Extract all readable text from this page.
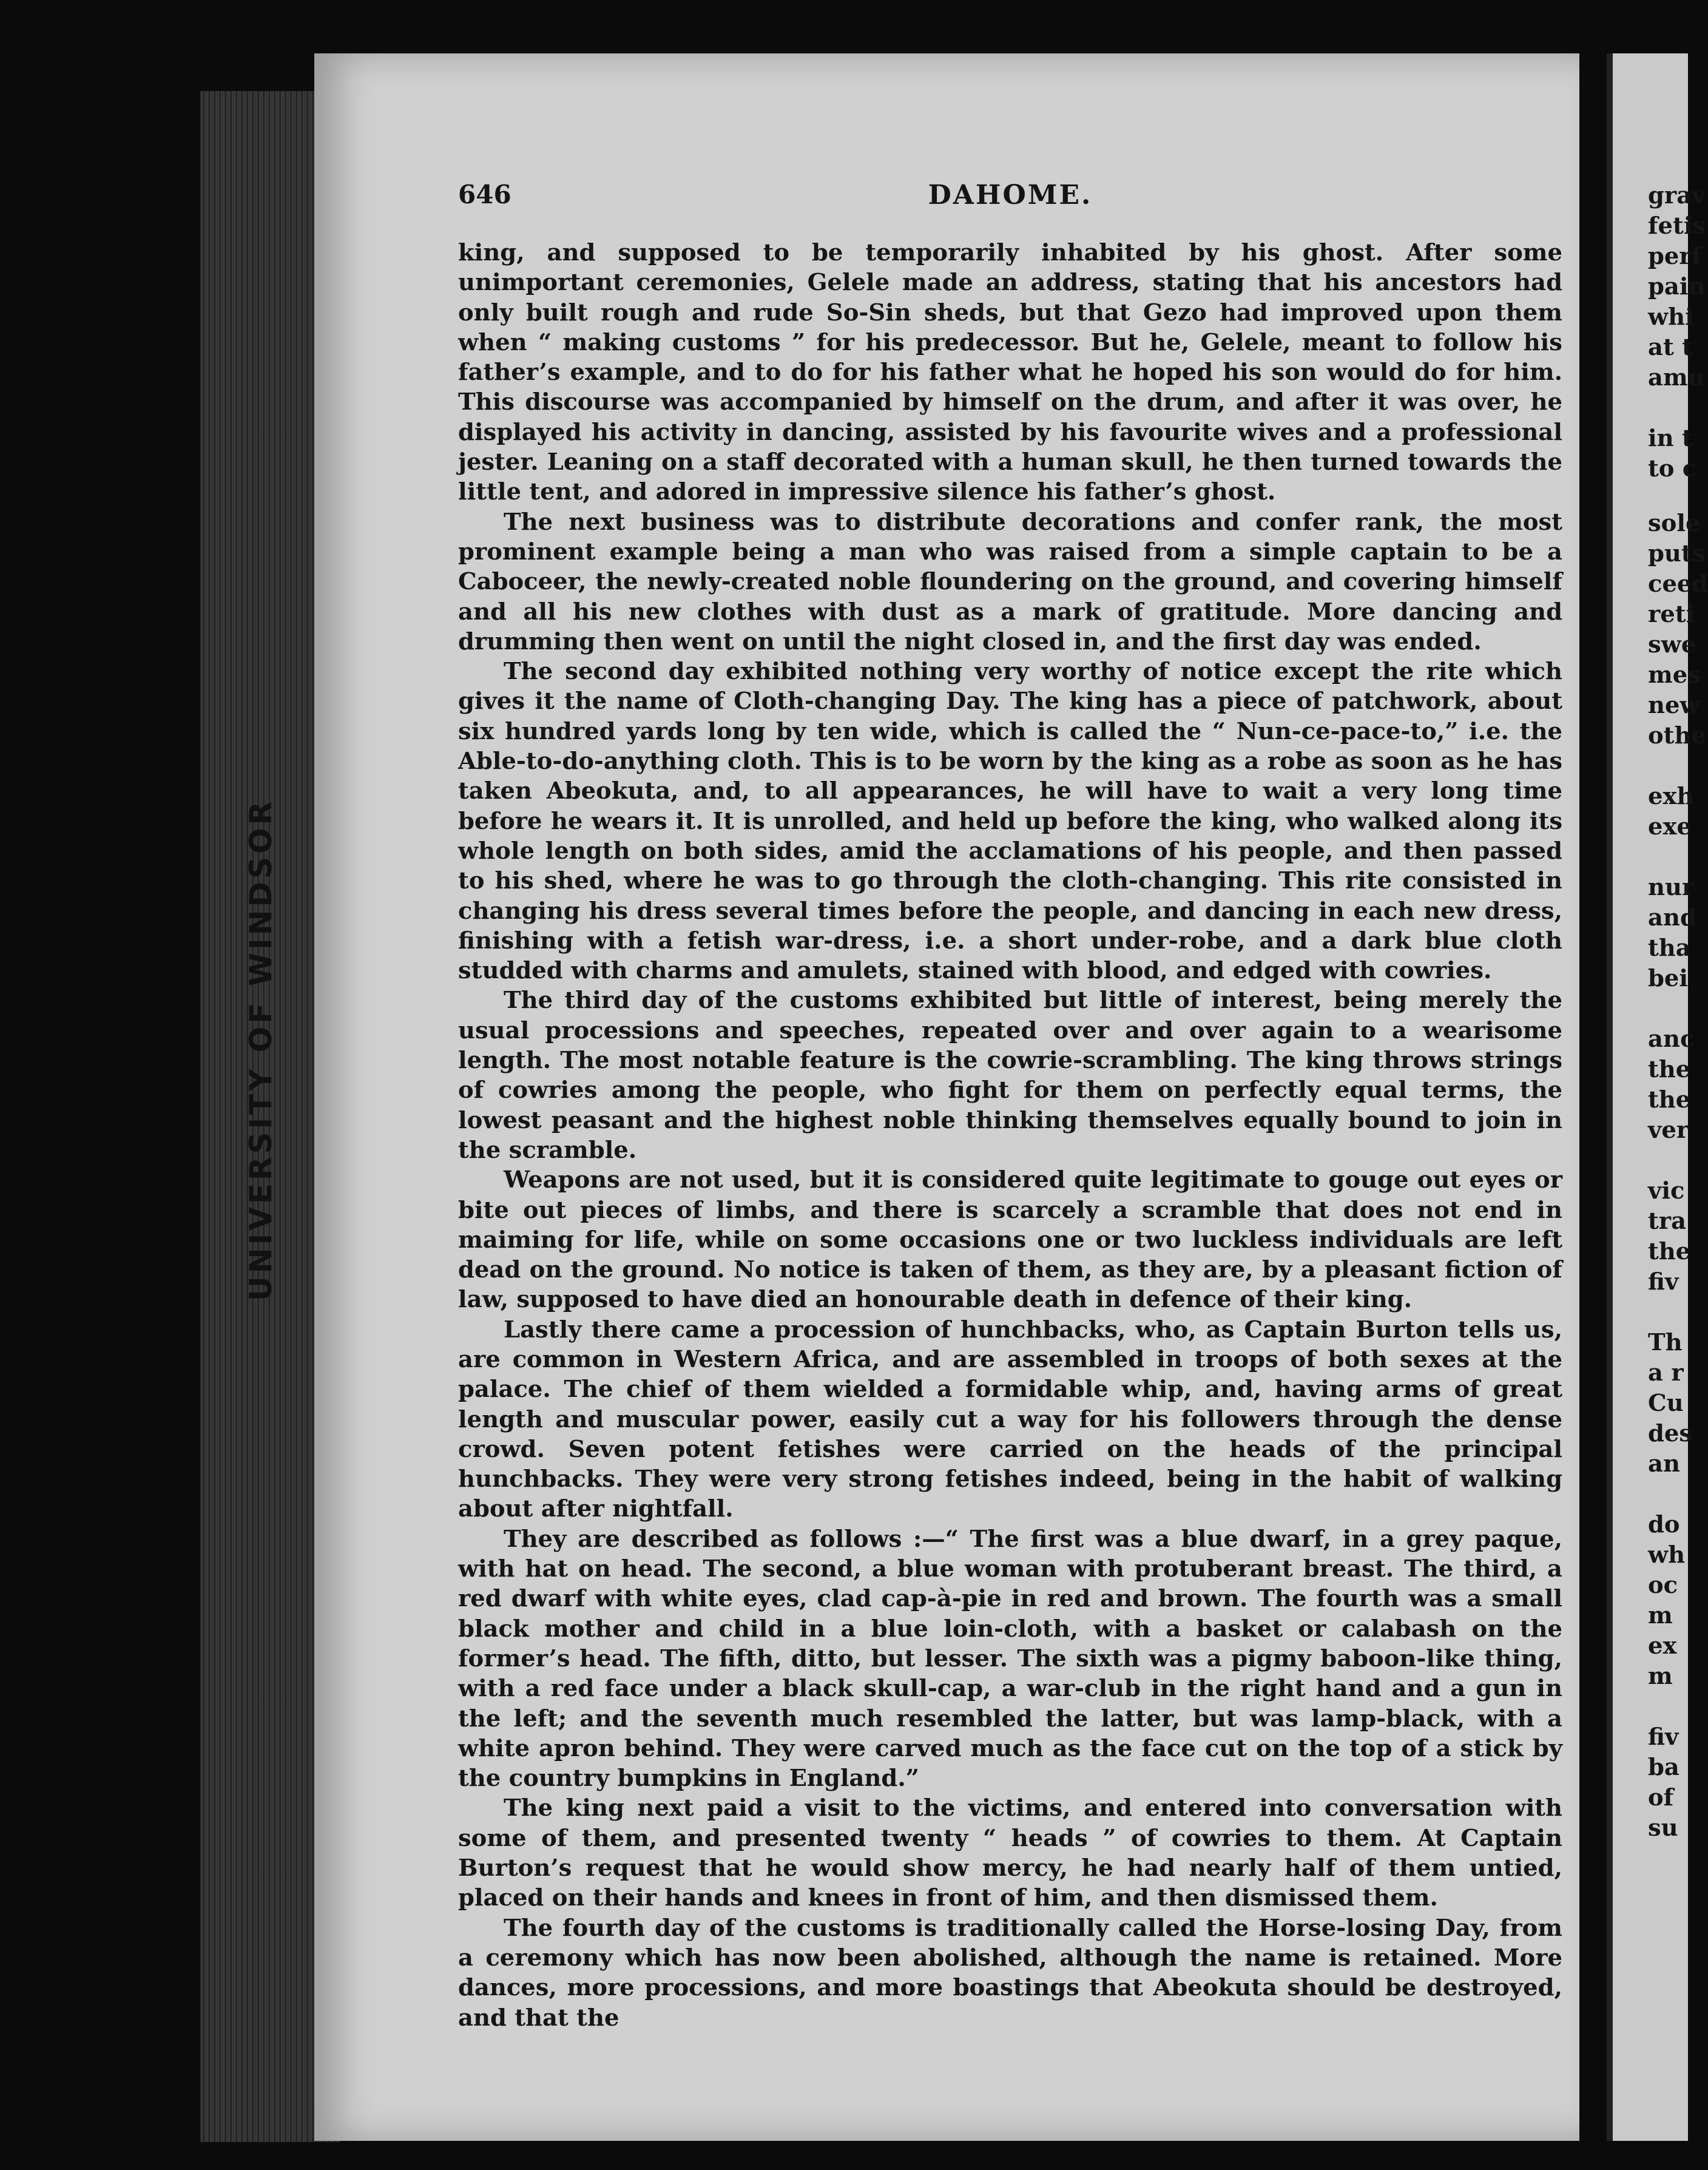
UNIVERSITY OF WINDSOR
646	DAHOME.

king, and supposed to be temporarily inhabited by his ghost. After some unimportant ceremonies, Gelele made an address, stating that his ancestors had only built rough and rude So-Sin sheds, but that Gezo had improved upon them when “ making customs ” for his predecessor. But he, Gelele, meant to follow his father’s example, and to do for his father what he hoped his son would do for him. This discourse was accompanied by himself on the drum, and after it was over, he displayed his activity in dancing, assisted by his favourite wives and a professional jester. Leaning on a staff decorated with a human skull, he then turned towards the little tent, and adored in impressive silence his father’s ghost.

The next business was to distribute decorations and confer rank, the most prominent example being a man who was raised from a simple captain to be a Caboceer, the newly-created noble floundering on the ground, and covering himself and all his new clothes with dust as a mark of gratitude. More dancing and drumming then went on until the night closed in, and the first day was ended.

The second day exhibited nothing very worthy of notice except the rite which gives it the name of Cloth-changing Day. The king has a piece of patchwork, about six hundred yards long by ten wide, which is called the “ Nun-ce-pace-to,” i.e. the Able-to-do-anything cloth. This is to be worn by the king as a robe as soon as he has taken Abeokuta, and, to all appearances, he will have to wait a very long time before he wears it. It is unrolled, and held up before the king, who walked along its whole length on both sides, amid the acclamations of his people, and then passed to his shed, where he was to go through the cloth-changing. This rite consisted in changing his dress several times before the people, and dancing in each new dress, finishing with a fetish war-dress, i.e. a short under-robe, and a dark blue cloth studded with charms and amulets, stained with blood, and edged with cowries.

The third day of the customs exhibited but little of interest, being merely the usual processions and speeches, repeated over and over again to a wearisome length. The most notable feature is the cowrie-scrambling. The king throws strings of cowries among the people, who fight for them on perfectly equal terms, the lowest peasant and the highest noble thinking themselves equally bound to join in the scramble.

Weapons are not used, but it is considered quite legitimate to gouge out eyes or bite out pieces of limbs, and there is scarcely a scramble that does not end in maiming for life, while on some occasions one or two luckless individuals are left dead on the ground. No notice is taken of them, as they are, by a pleasant fiction of law, supposed to have died an honourable death in defence of their king.

Lastly there came a procession of hunchbacks, who, as Captain Burton tells us, are common in Western Africa, and are assembled in troops of both sexes at the palace. The chief of them wielded a formidable whip, and, having arms of great length and muscular power, easily cut a way for his followers through the dense crowd. Seven potent fetishes were carried on the heads of the principal hunchbacks. They were very strong fetishes indeed, being in the habit of walking about after nightfall.

They are described as follows :—“ The first was a blue dwarf, in a grey paque, with hat on head. The second, a blue woman with protuberant breast. The third, a red dwarf with white eyes, clad cap-à-pie in red and brown. The fourth was a small black mother and child in a blue loin-cloth, with a basket or calabash on the former’s head. The fifth, ditto, but lesser. The sixth was a pigmy baboon-like thing, with a red face under a black skull-cap, a war-club in the right hand and a gun in the left; and the seventh much resembled the latter, but was lamp-black, with a white apron behind. They were carved much as the face cut on the top of a stick by the country bumpkins in England.”

The king next paid a visit to the victims, and entered into conversation with some of them, and presented twenty “ heads ” of cowries to them. At Captain Burton’s request that he would show mercy, he had nearly half of them untied, placed on their hands and knees in front of him, and then dismissed them.

The fourth day of the customs is traditionally called the Horse-losing Day, from a ceremony which has now been abolished, although the name is retained. More dances, more processions, and more boastings that Abeokuta should be destroyed, and that the

grav
fetis
perf
pain
whi
at t
amu
in t
to c
sole
puts
ceed
reti
swe
mes
new
othe
exh
exe
nur
and
tha
bei
anc
the
the
ver
vic
tra
the
fiv
Th
a r
Cu
des
an
do
wh
oc
m
ex
m
fiv
ba
of
su
